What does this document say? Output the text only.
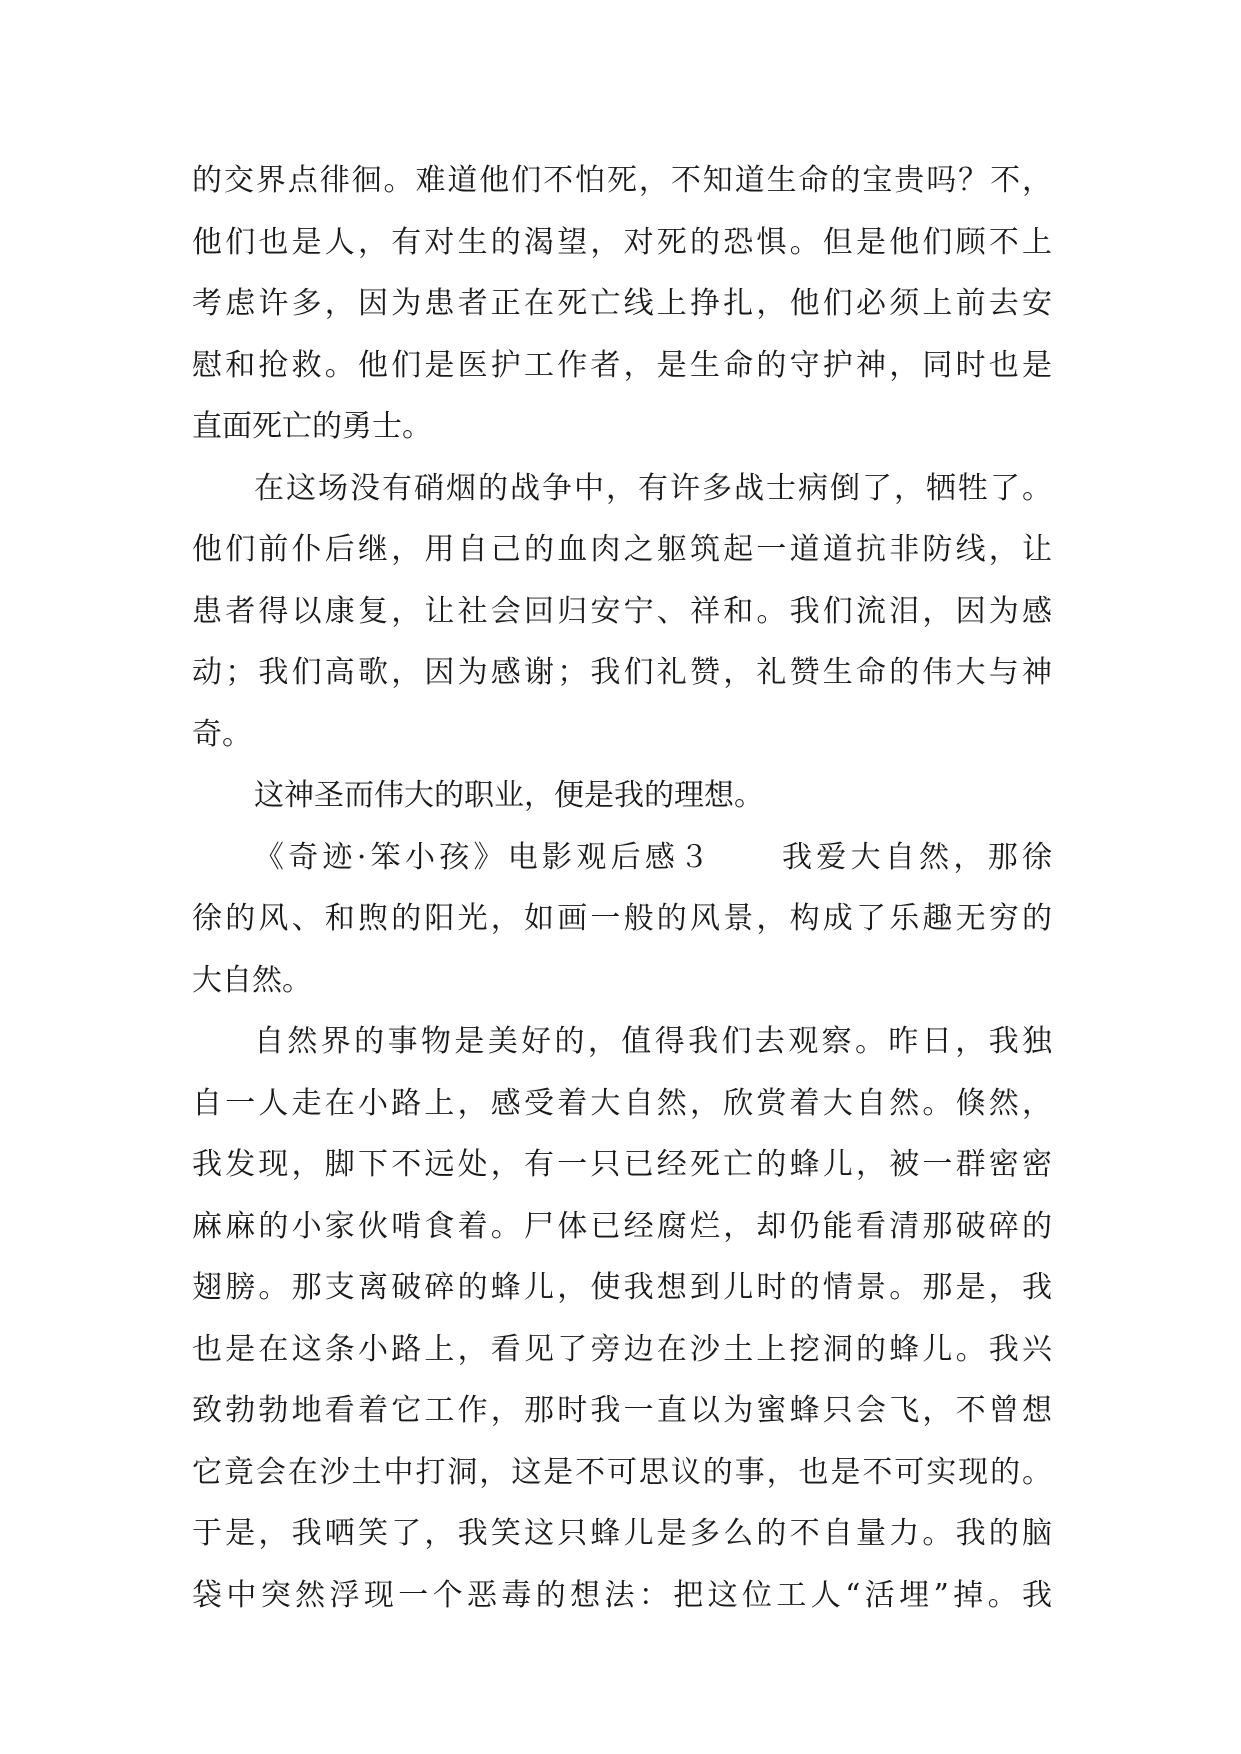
的交界点徘徊。难道他们不怕死，不知道生命的宝贵吗？不，
他们也是人，有对生的渴望，对死的恐惧。但是他们顾不上
考虑许多，因为患者正在死亡线上挣扎，他们必须上前去安
慰和抢救。他们是医护工作者，是生命的守护神，同时也是
直面死亡的勇士。
在这场没有硝烟的战争中，有许多战士病倒了，牺牲了。
他们前仆后继，用自己的血肉之躯筑起一道道抗非防线，让
患者得以康复，让社会回归安宁、祥和。我们流泪，因为感
动；我们高歌，因为感谢；我们礼赞，礼赞生命的伟大与神
奇。
这神圣而伟大的职业，便是我的理想。
《奇迹·笨小孩》电影观后感３　　我爱大自然，那徐
徐的风、和煦的阳光，如画一般的风景，构成了乐趣无穷的
大自然。
自然界的事物是美好的，值得我们去观察。昨日，我独
自一人走在小路上，感受着大自然，欣赏着大自然。倏然，
我发现，脚下不远处，有一只已经死亡的蜂儿，被一群密密
麻麻的小家伙啃食着。尸体已经腐烂，却仍能看清那破碎的
翅膀。那支离破碎的蜂儿，使我想到儿时的情景。那是，我
也是在这条小路上，看见了旁边在沙土上挖洞的蜂儿。我兴
致勃勃地看着它工作，那时我一直以为蜜蜂只会飞，不曾想
它竟会在沙土中打洞，这是不可思议的事，也是不可实现的。
于是，我哂笑了，我笑这只蜂儿是多么的不自量力。我的脑
袋中突然浮现一个恶毒的想法：把这位工人“活埋”掉。我
